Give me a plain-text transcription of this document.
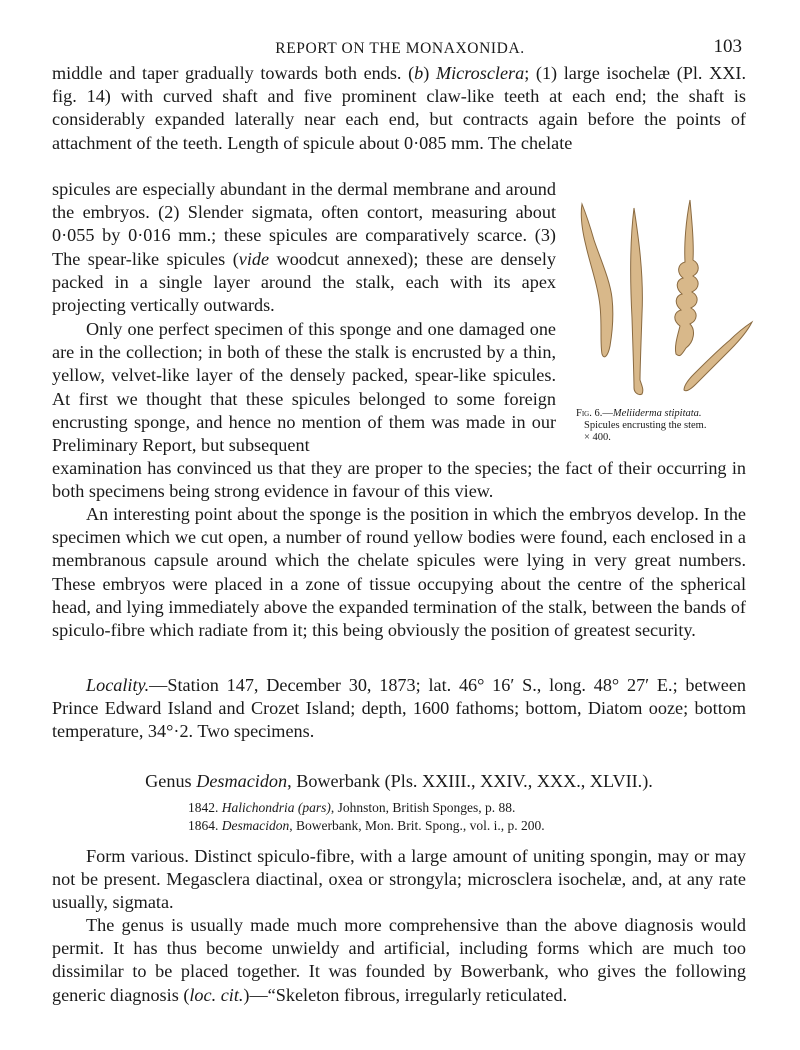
REPORT ON THE MONAXONIDA.	103

middle and taper gradually towards both ends. (b) Microsclera; (1) large isochelæ (Pl. XXI. fig. 14) with curved shaft and five prominent claw-like teeth at each end; the shaft is considerably expanded laterally near each end, but contracts again before the points of attachment of the teeth. Length of spicule about 0·085 mm. The chelate

spicules are especially abundant in the dermal membrane and around the embryos. (2) Slender sigmata, often contort, measuring about 0·055 by 0·016 mm.; these spicules are comparatively scarce. (3) The spear-like spicules (vide woodcut annexed); these are densely packed in a single layer around the stalk, each with its apex projecting vertically outwards.

Only one perfect specimen of this sponge and one damaged one are in the collection; in both of these the stalk is encrusted by a thin, yellow, velvet-like layer of the densely packed, spear-like spicules. At first we thought that these spicules belonged to some foreign encrusting sponge, and hence no mention of them was made in our Preliminary Report, but subsequent

examination has convinced us that they are proper to the species; the fact of their occurring in both specimens being strong evidence in favour of this view.

An interesting point about the sponge is the position in which the embryos develop. In the specimen which we cut open, a number of round yellow bodies were found, each enclosed in a membranous capsule around which the chelate spicules were lying in very great numbers. These embryos were placed in a zone of tissue occupying about the centre of the spherical head, and lying immediately above the expanded termination of the stalk, between the bands of spiculo-fibre which radiate from it; this being obviously the position of greatest security.

Locality.—Station 147, December 30, 1873; lat. 46° 16′ S., long. 48° 27′ E.; between Prince Edward Island and Crozet Island; depth, 1600 fathoms; bottom, Diatom ooze; bottom temperature, 34°·2. Two specimens.

Fig. 6.—Meliiderma stipitata.
Spicules encrusting the stem.
× 400.
Genus Desmacidon, Bowerbank (Pls. XXIII., XXIV., XXX., XLVII.).
1842. Halichondria (pars), Johnston, British Sponges, p. 88.
1864. Desmacidon, Bowerbank, Mon. Brit. Spong., vol. i., p. 200.

Form various. Distinct spiculo-fibre, with a large amount of uniting spongin, may or may not be present. Megasclera diactinal, oxea or strongyla; microsclera isochelæ, and, at any rate usually, sigmata.

The genus is usually made much more comprehensive than the above diagnosis would permit. It has thus become unwieldy and artificial, including forms which are much too dissimilar to be placed together. It was founded by Bowerbank, who gives the following generic diagnosis (loc. cit.)—“Skeleton fibrous, irregularly reticulated.
